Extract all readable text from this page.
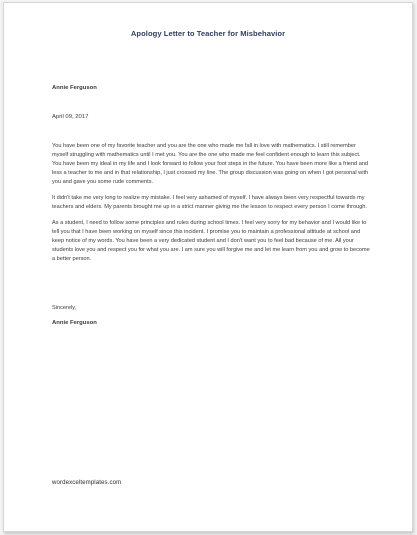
Apology Letter to Teacher for Misbehavior
Annie Ferguson
April 09, 2017

You have been one of my favorite teacher and you are the one who made me fall in love with mathematics. I still remember myself struggling with mathematics until I met you. You are the one who made me feel confident enough to learn this subject. You have been my ideal in my life and I look forward to follow your foot steps in the future. You have been more like a friend and less a teacher to me and in that relationship, I just crossed my line. The group discussion was going on when I got personal with you and gave you some rude comments.

It didn't take me very long to realize my mistake. I feel very ashamed of myself. I have always been very respectful towards my teachers and elders. My parents brought me up in a strict manner giving me the lesson to respect every person I come through.

As a student, I need to follow some principles and rules during school times. I feel very sorry for my behavior and I would like to tell you that I have been working on myself since this incident. I promise you to maintain a professional attitude at school and keep notice of my words. You have been a very dedicated student and I don't want you to feel bad because of me. All your students love you and respect you for what you are. I am sure you will forgive me and let me learn from you and grow to become a better person.

Sincerely,
Annie Ferguson
wordexceltemplates.com
